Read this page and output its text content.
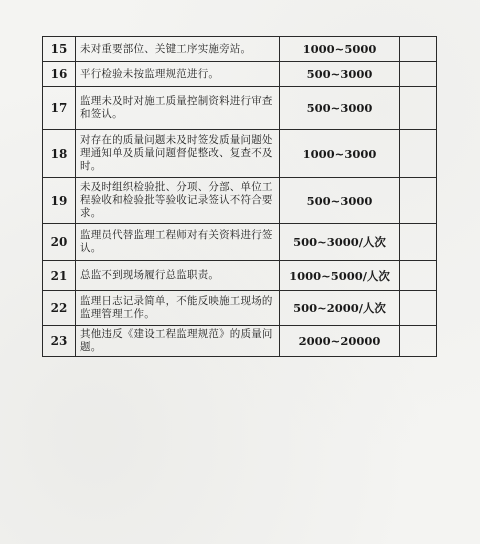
15	未对重要部位、关键工序实施旁站。	1000~5000	
16	平行检验未按监理规范进行。	500~3000	
17	监理未及时对施工质量控制资料进行审查和签认。	500~3000	
18	对存在的质量问题未及时签发质量问题处理通知单及质量问题督促整改、复查不及时。	1000~3000	
19	未及时组织检验批、分项、分部、单位工程验收和检验批等验收记录签认不符合要求。	500~3000	
20	监理员代替监理工程师对有关资料进行签认。	500~3000/人次	
21	总监不到现场履行总监职责。	1000~5000/人次	
22	监理日志记录简单，不能反映施工现场的监理管理工作。	500~2000/人次	
23	其他违反《建设工程监理规范》的质量问题。	2000~20000	
